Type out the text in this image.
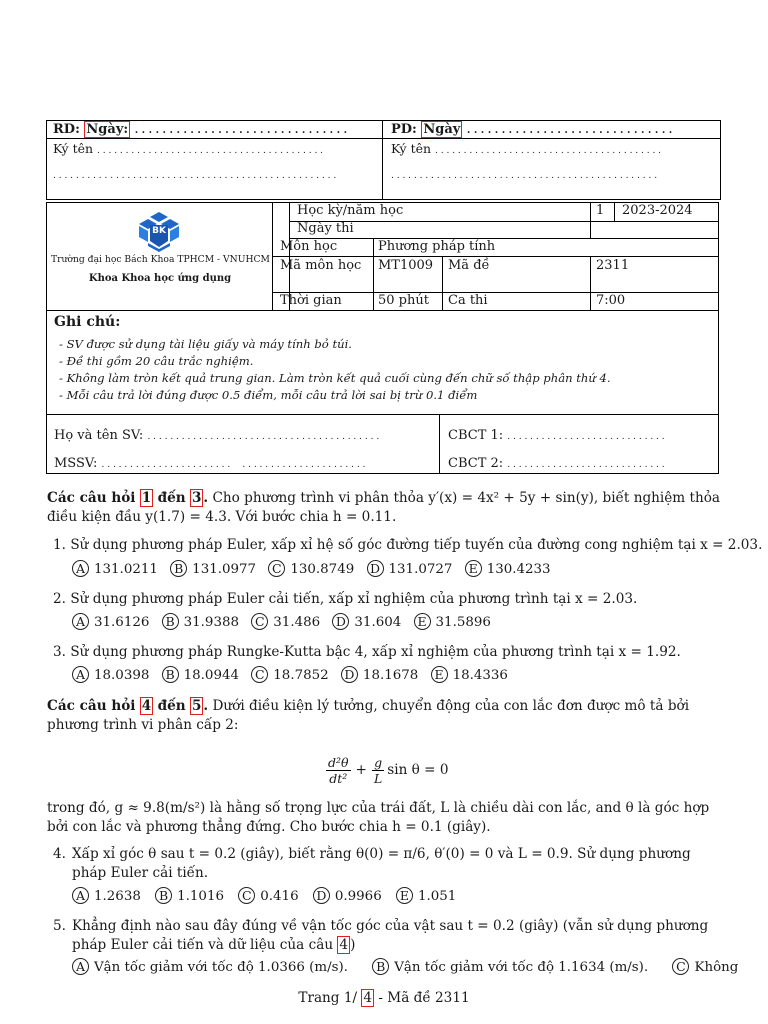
RD: Ngày: . . . . . . . . . . . . . . . . . . . . . . . . . . . . . . .	PD: Ngày . . . . . . . . . . . . . . . . . . . . . . . . . . . . . .
Ký tên . . . . . . . . . . . . . . . . . . . . . . . . . . . . . . . . . . . . . . . .	Ký tên . . . . . . . . . . . . . . . . . . . . . . . . . . . . . . . . . . . . . . . .
. . . . . . . . . . . . . . . . . . . . . . . . . . . . . . . . . . . . . . . . . . . . . . . . . .	. . . . . . . . . . . . . . . . . . . . . . . . . . . . . . . . . . . . . . . . . . . . . . .
BK
Trường đại học Bách Khoa TPHCM - VNUHCM
Khoa Khoa học ứng dụng
Học kỳ/năm học	1 2023-2024
Ngày thi
Môn học	Phương pháp tính
Mã môn học	MT1009 Mã đề	2311
Thời gian	50 phút Ca thi	7:00
Ghi chú:
- SV được sử dụng tài liệu giấy và máy tính bỏ túi.
- Đề thi gồm 20 câu trắc nghiệm.
- Không làm tròn kết quả trung gian. Làm tròn kết quả cuối cùng đến chữ số thập phân thứ 4.
- Mỗi câu trả lời đúng được 0.5 điểm, mỗi câu trả lời sai bị trừ 0.1 điểm
Họ và tên SV: . . . . . . . . . . . . . . . . . . . . . . . . . . . . . . . . . . . . . . . . .
MSSV: . . . . . . . . . . . . . . . . . . . . . . . . . . . . . . . . . . . . . . . . . . . . .
CBCT 1: . . . . . . . . . . . . . . . . . . . . . . . . . . . .
CBCT 2: . . . . . . . . . . . . . . . . . . . . . . . . . . . .
Các câu hỏi 1 đến 3 . Cho phương trình vi phân thỏa y′(x) = 4x² + 5y + sin(y), biết nghiệm thỏa điều kiện đầu y(1.7) = 4.3. Với bước chia h = 0.11.
1. Sử dụng phương pháp Euler, xấp xỉ hệ số góc đường tiếp tuyến của đường cong nghiệm tại x = 2.03.
A 131.0211 B 131.0977 C 130.8749 D 131.0727 E 130.4233
2. Sử dụng phương pháp Euler cải tiến, xấp xỉ nghiệm của phương trình tại x = 2.03.
A 31.6126 B 31.9388 C 31.486 D 31.604 E 31.5896
3. Sử dụng phương pháp Rungke-Kutta bậc 4, xấp xỉ nghiệm của phương trình tại x = 1.92.
A 18.0398 B 18.0944 C 18.7852 D 18.1678 E 18.4336
Các câu hỏi 4 đến 5 . Dưới điều kiện lý tưởng, chuyển động của con lắc đơn được mô tả bởi phương trình vi phân cấp 2:
$\frac{\text{d²θ}}{\text{dt²}} + \frac{g}{L}$ sin θ = 0
trong đó, g ≈ 9.8(m/s²) là hằng số trọng lực của trái đất, L là chiều dài con lắc, and θ là góc hợp bởi con lắc và phương thẳng đứng. Cho bước chia h = 0.1 (giây).
4. Xấp xỉ góc θ sau t = 0.2 (giây), biết rằng θ(0) = π/6, θ′(0) = 0 và L = 0.9. Sử dụng phương pháp Euler cải tiến.
A 1.2638 B 1.1016 C 0.416 D 0.9966 E 1.051
5. Khẳng định nào sau đây đúng về vận tốc góc của vật sau t = 0.2 (giây) (vẫn sử dụng phương pháp Euler cải tiến và dữ liệu của câu 4 )
A Vận tốc giảm với tốc độ 1.0366 (m/s). B Vận tốc giảm với tốc độ 1.1634 (m/s). C Không
Trang 1/ 4 - Mã đề 2311
